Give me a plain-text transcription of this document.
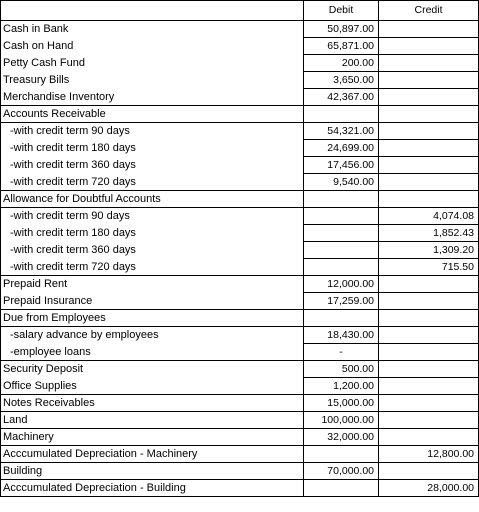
	Debit	Credit
Cash in Bank	50,897.00	
Cash on Hand	65,871.00	
Petty Cash Fund	200.00	
Treasury Bills	3,650.00	
Merchandise Inventory	42,367.00	
Accounts Receivable		
-with credit term 90 days	54,321.00	
-with credit term 180 days	24,699.00	
-with credit term 360 days	17,456.00	
-with credit term 720 days	9,540.00	
Allowance for Doubtful Accounts		
-with credit term 90 days		4,074.08
-with credit term 180 days		1,852.43
-with credit term 360 days		1,309.20
-with credit term 720 days		715.50
Prepaid Rent	12,000.00	
Prepaid Insurance	17,259.00	
Due from Employees		
-salary advance by employees	18,430.00	
-employee loans	-	
Security Deposit	500.00	
Office Supplies	1,200.00	
Notes Receivables	15,000.00	
Land	100,000.00	
Machinery	32,000.00	
Acccumulated Depreciation - Machinery		12,800.00
Building	70,000.00	
Acccumulated Depreciation - Building		28,000.00
